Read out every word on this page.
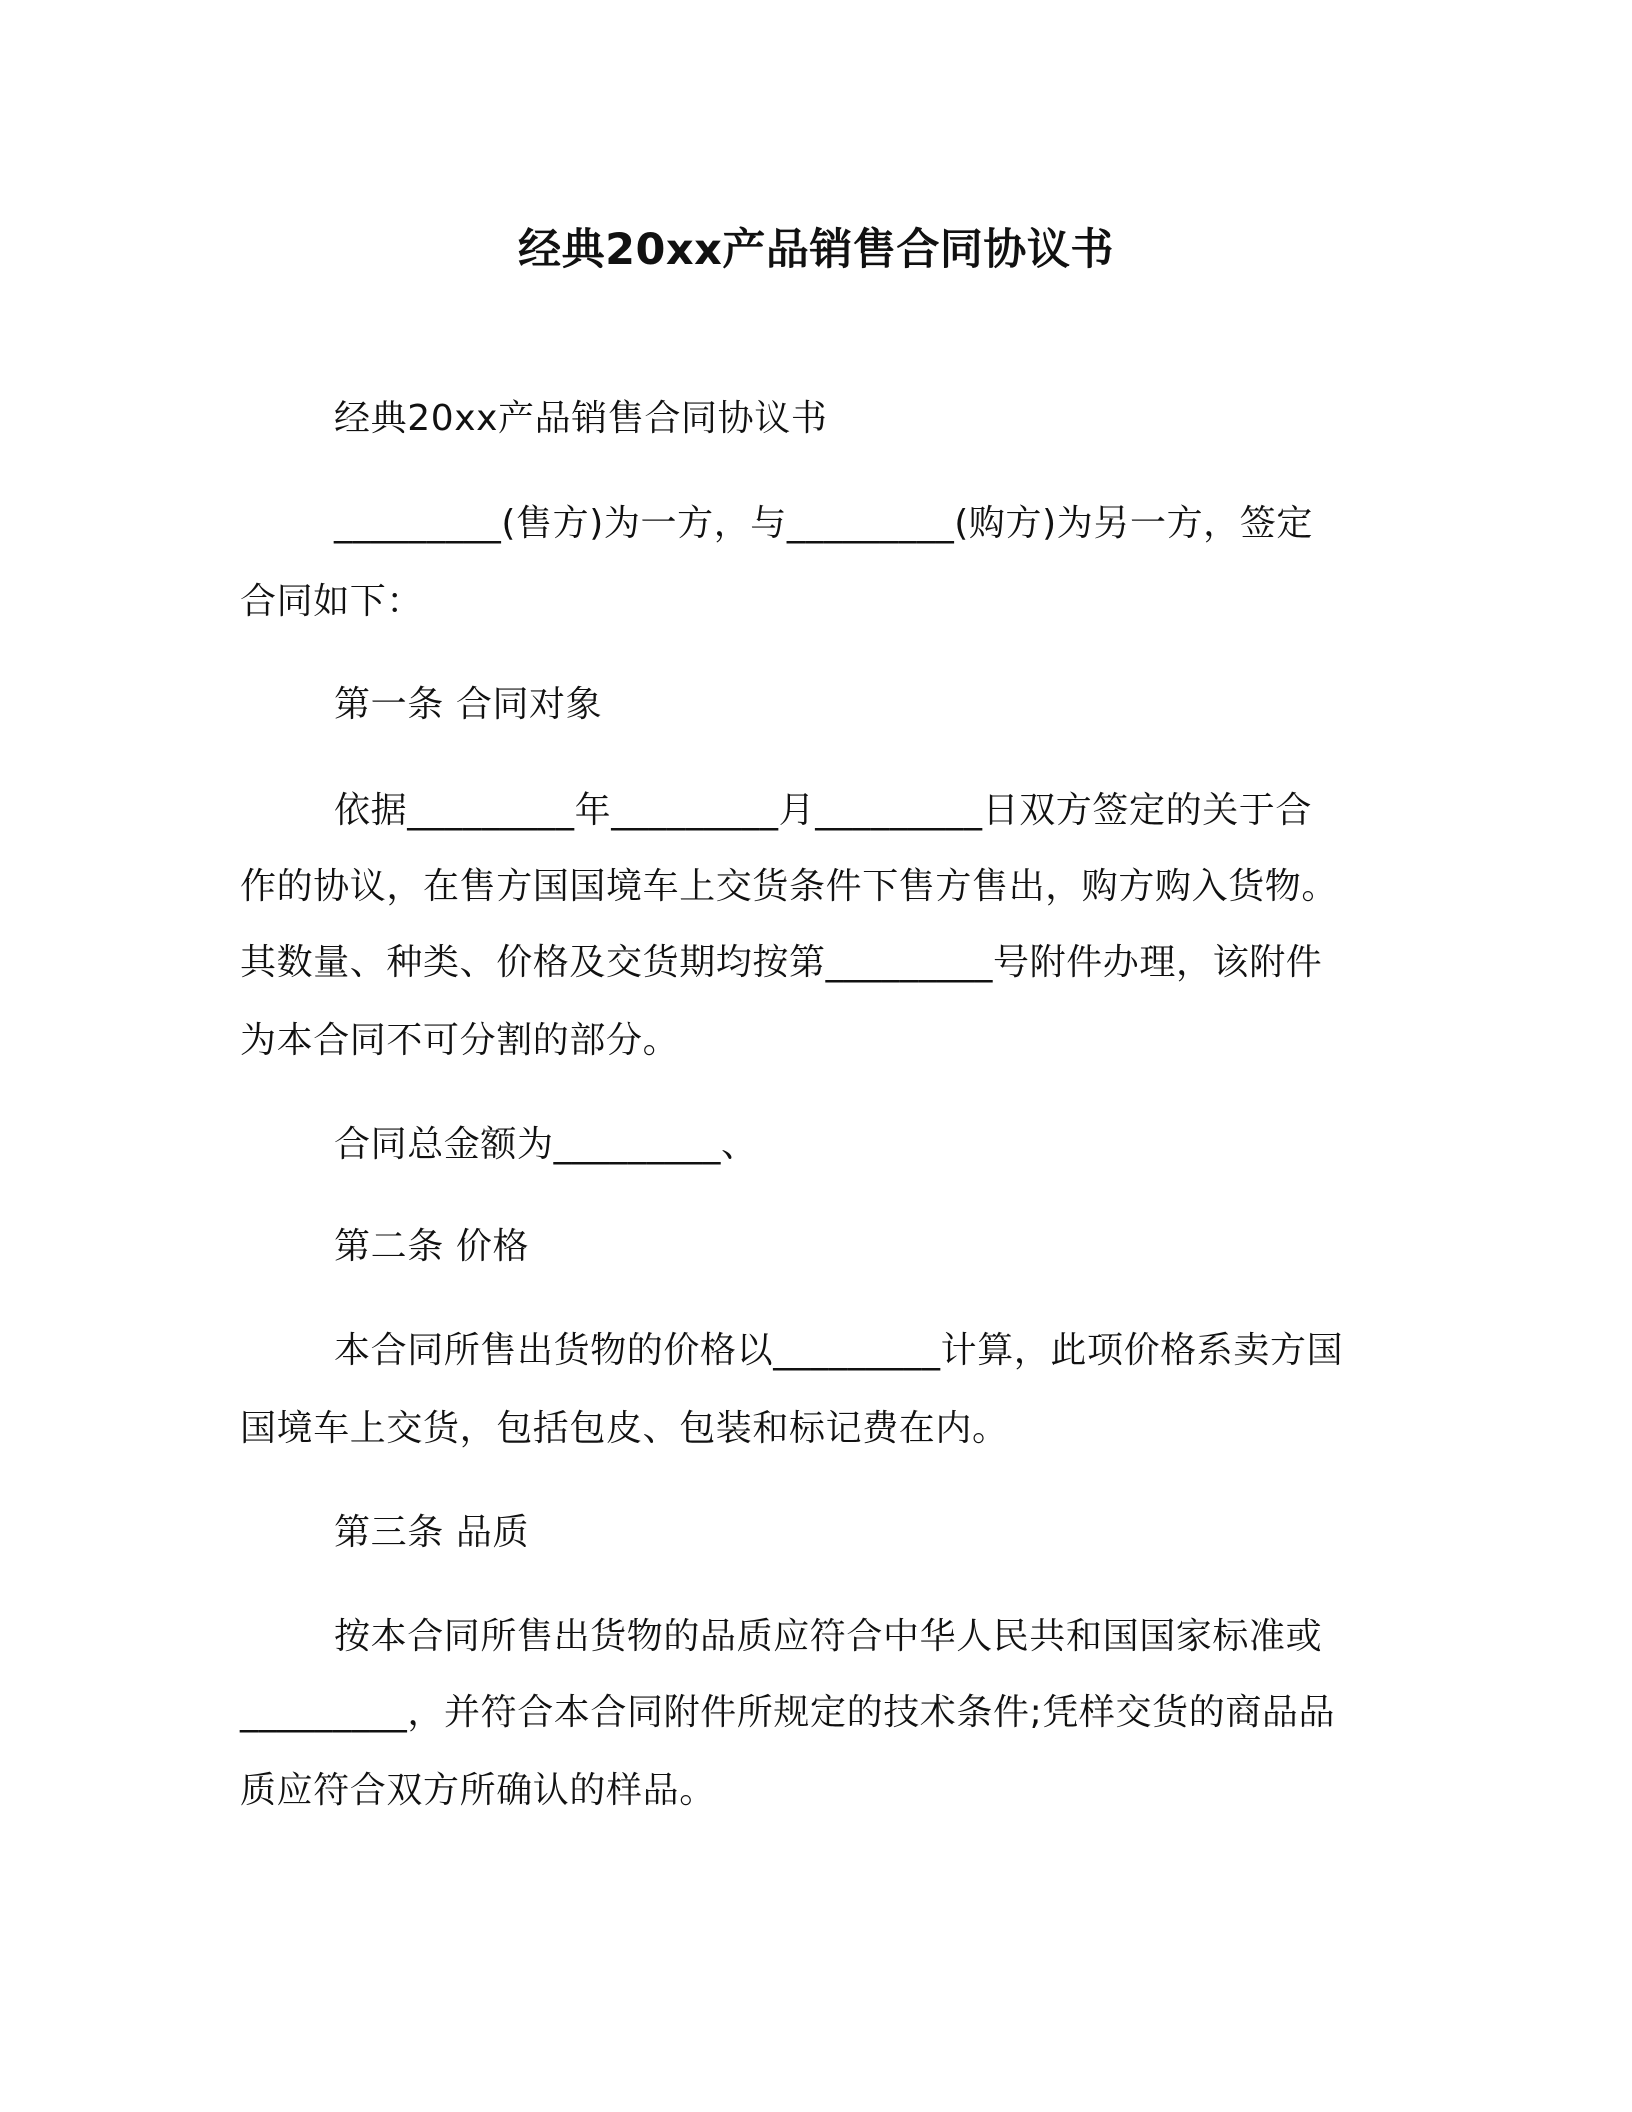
经典20xx产品销售合同协议书
经典20xx产品销售合同协议书
_________(售方)为一方，与_________(购方)为另一方，签定
合同如下：
第一条 合同对象
依据_________年_________月_________日双方签定的关于合
作的协议，在售方国国境车上交货条件下售方售出，购方购入货物。
其数量、种类、价格及交货期均按第_________号附件办理，该附件
为本合同不可分割的部分。
合同总金额为_________、
第二条 价格
本合同所售出货物的价格以_________计算，此项价格系卖方国
国境车上交货，包括包皮、包装和标记费在内。
第三条 品质
按本合同所售出货物的品质应符合中华人民共和国国家标准或
_________，并符合本合同附件所规定的技术条件;凭样交货的商品品
质应符合双方所确认的样品。
